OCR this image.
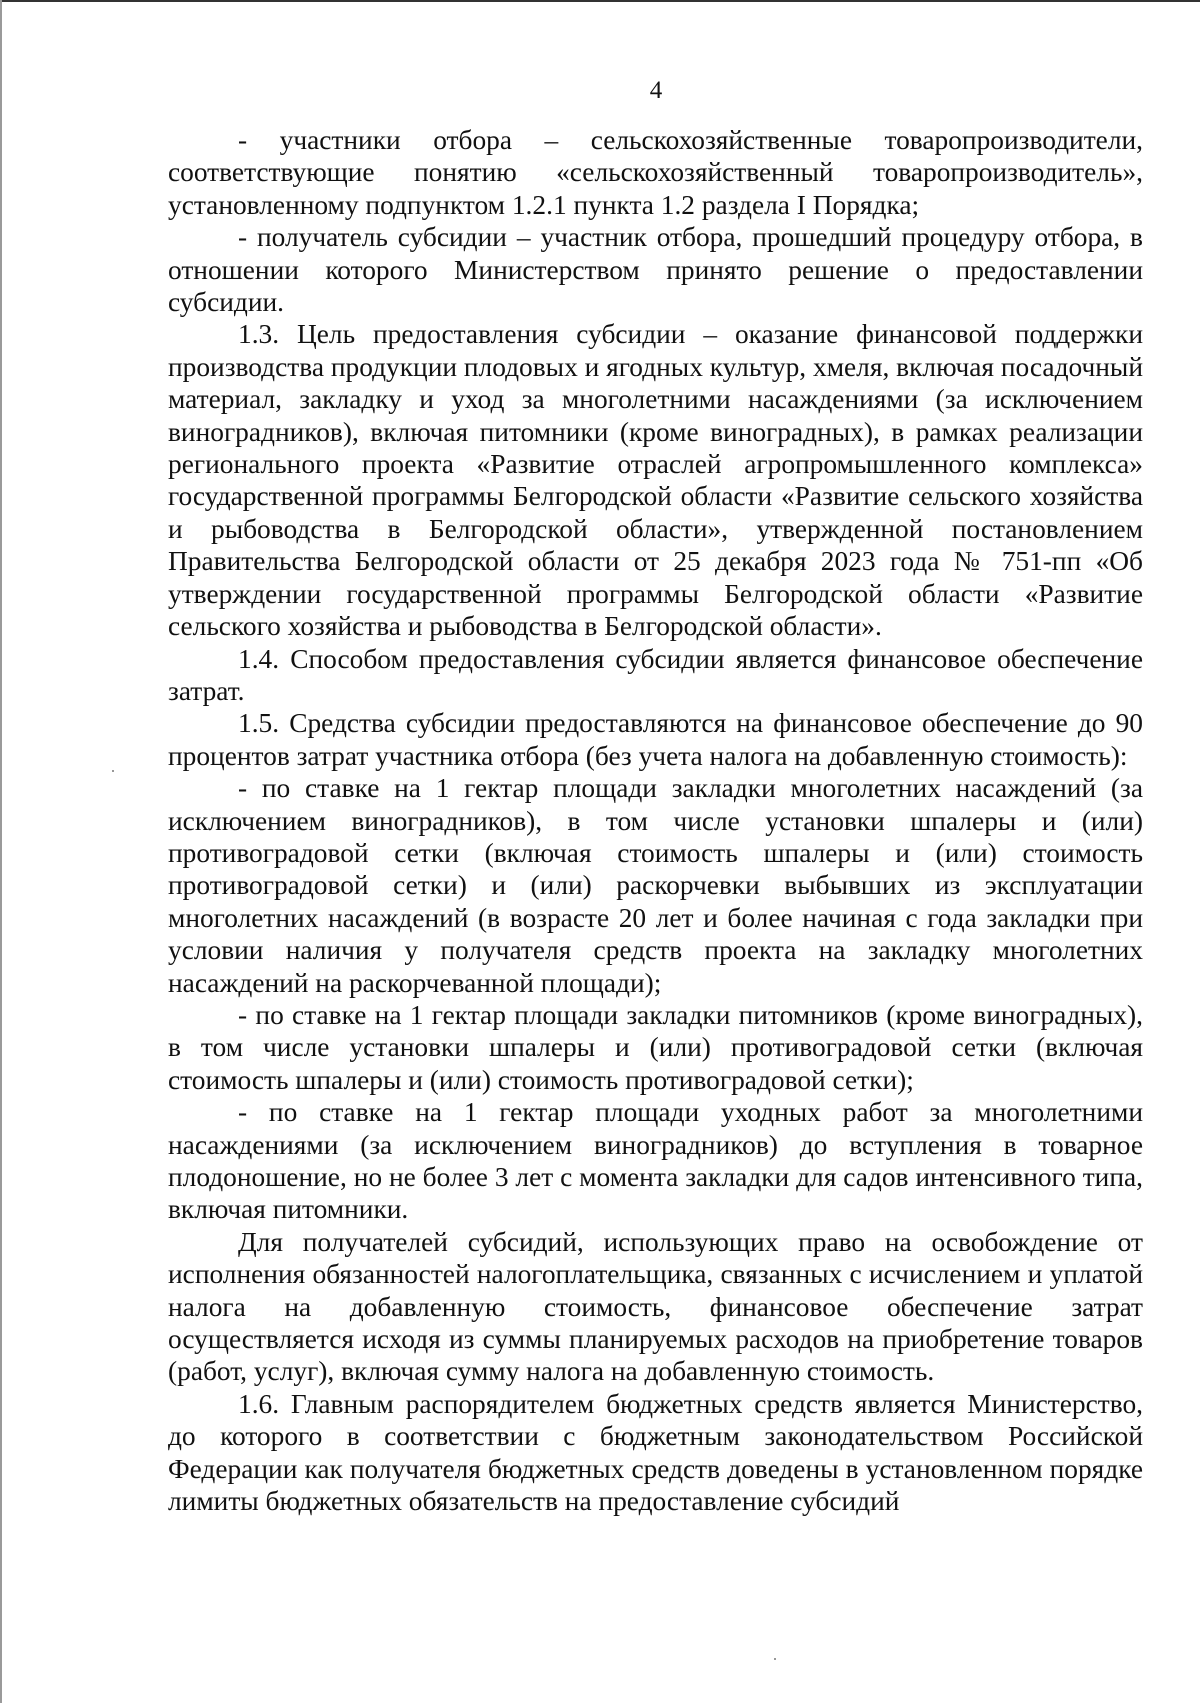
4

- участники отбора – сельскохозяйственные товаропроизводители, соответствующие понятию «сельскохозяйственный товаропроизводитель», установленному подпунктом 1.2.1 пункта 1.2 раздела I Порядка;

- получатель субсидии – участник отбора, прошедший процедуру отбора, в отношении которого Министерством принято решение о предоставлении субсидии.

1.3. Цель предоставления субсидии – оказание финансовой поддержки производства продукции плодовых и ягодных культур, хмеля, включая посадочный материал, закладку и уход за многолетними насаждениями (за исключением виноградников), включая питомники (кроме виноградных), в рамках реализации регионального проекта «Развитие отраслей агропромышленного комплекса» государственной программы Белгородской области «Развитие сельского хозяйства и рыбоводства в Белгородской области», утвержденной постановлением Правительства Белгородской области от 25 декабря 2023 года № 751-пп «Об утверждении государственной программы Белгородской области «Развитие сельского хозяйства и рыбоводства в Белгородской области».

1.4. Способом предоставления субсидии является финансовое обеспечение затрат.

1.5. Средства субсидии предоставляются на финансовое обеспечение до 90 процентов затрат участника отбора (без учета налога на добавленную стоимость):

- по ставке на 1 гектар площади закладки многолетних насаждений (за исключением виноградников), в том числе установки шпалеры и (или) противоградовой сетки (включая стоимость шпалеры и (или) стоимость противоградовой сетки) и (или) раскорчевки выбывших из эксплуатации многолетних насаждений (в возрасте 20 лет и более начиная с года закладки при условии наличия у получателя средств проекта на закладку многолетних насаждений на раскорчеванной площади);

- по ставке на 1 гектар площади закладки питомников (кроме виноградных), в том числе установки шпалеры и (или) противоградовой сетки (включая стоимость шпалеры и (или) стоимость противоградовой сетки);

- по ставке на 1 гектар площади уходных работ за многолетними насаждениями (за исключением виноградников) до вступления в товарное плодоношение, но не более 3 лет с момента закладки для садов интенсивного типа, включая питомники.

Для получателей субсидий, использующих право на освобождение от исполнения обязанностей налогоплательщика, связанных с исчислением и уплатой налога на добавленную стоимость, финансовое обеспечение затрат осуществляется исходя из суммы планируемых расходов на приобретение товаров (работ, услуг), включая сумму налога на добавленную стоимость.

1.6. Главным распорядителем бюджетных средств является Министерство, до которого в соответствии с бюджетным законодательством Российской Федерации как получателя бюджетных средств доведены в установленном порядке лимиты бюджетных обязательств на предоставление субсидий
